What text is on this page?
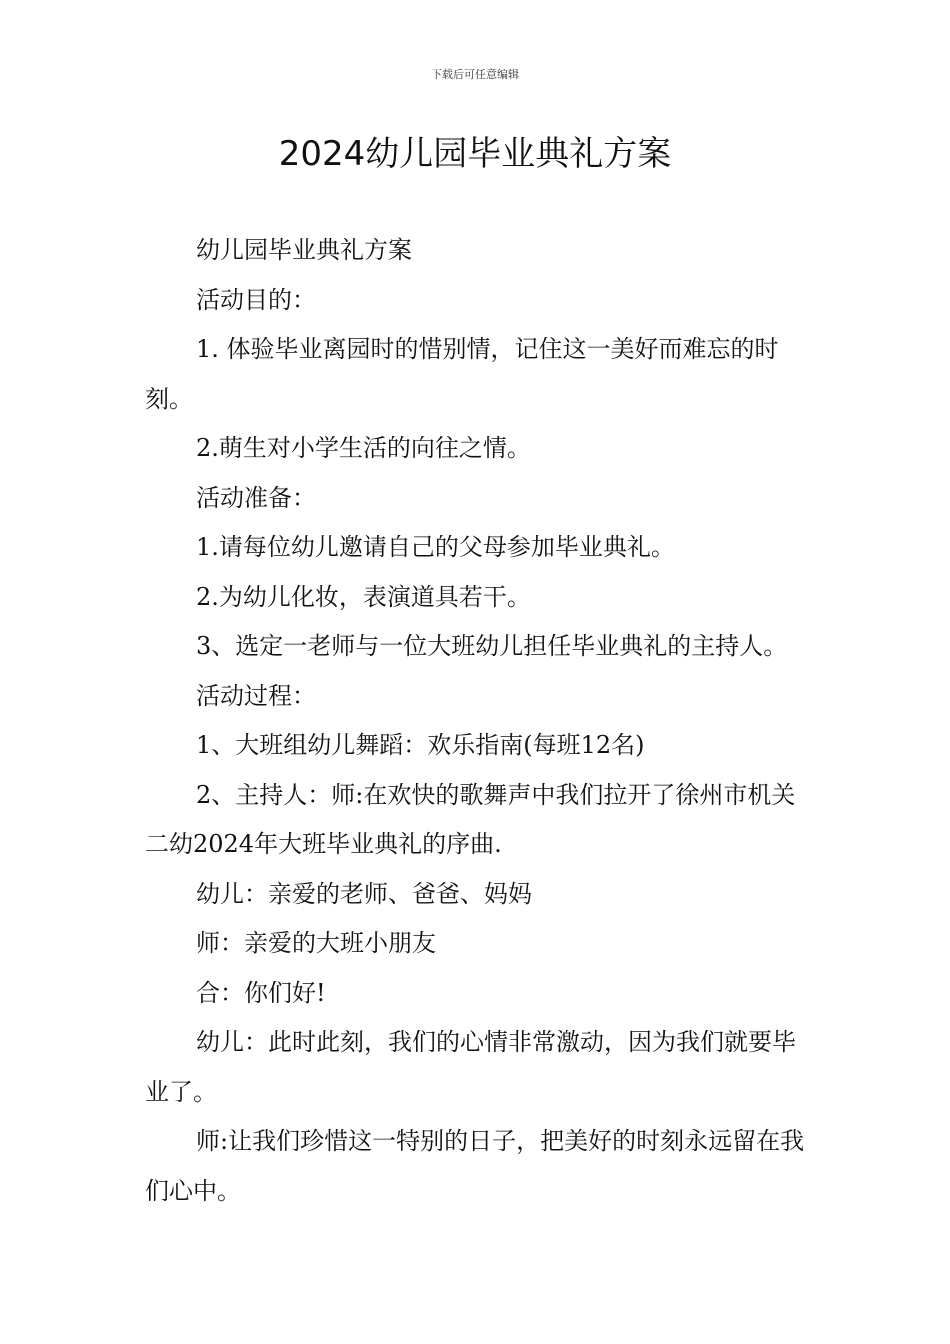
下载后可任意编辑
2024幼儿园毕业典礼方案

幼儿园毕业典礼方案

活动目的：

1. 体验毕业离园时的惜别情，记住这一美好而难忘的时刻。

2.萌生对小学生活的向往之情。

活动准备：

1.请每位幼儿邀请自己的父母参加毕业典礼。

2.为幼儿化妆，表演道具若干。

3、选定一老师与一位大班幼儿担任毕业典礼的主持人。

活动过程：

1、大班组幼儿舞蹈：欢乐指南(每班12名)

2、主持人：师:在欢快的歌舞声中我们拉开了徐州市机关二幼2024年大班毕业典礼的序曲.

幼儿：亲爱的老师、爸爸、妈妈

师：亲爱的大班小朋友

合：你们好!

幼儿：此时此刻，我们的心情非常激动，因为我们就要毕业了。

师:让我们珍惜这一特别的日子，把美好的时刻永远留在我们心中。
